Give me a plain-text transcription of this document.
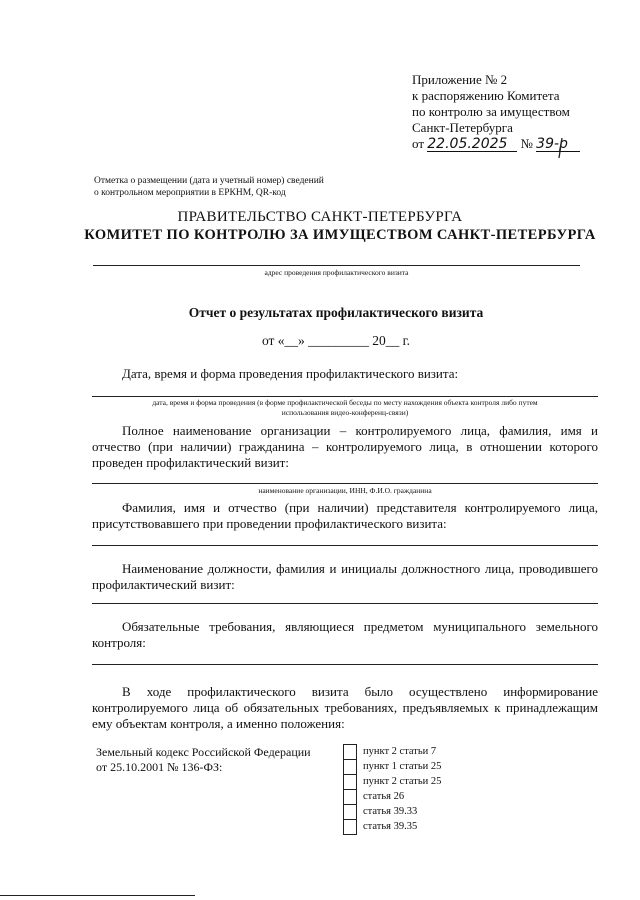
Приложение № 2
к распоряжению Комитета
по контролю за имуществом
Санкт-Петербурга
от 22.05.2025 № 39-р
Отметка о размещении (дата и учетный номер) сведений
о контрольном мероприятии в ЕРКНМ, QR-код
ПРАВИТЕЛЬСТВО САНКТ-ПЕТЕРБУРГА
КОМИТЕТ ПО КОНТРОЛЮ ЗА ИМУЩЕСТВОМ САНКТ-ПЕТЕРБУРГА
адрес проведения профилактического визита
Отчет о результатах профилактического визита
от «__» _________ 20__ г.
Дата, время и форма проведения профилактического визита:
дата, время и форма проведения (в форме профилактической беседы по месту нахождения объекта контроля либо путем
использования видео-конференц-связи)
Полное наименование организации – контролируемого лица, фамилия, имя и отчество (при наличии) гражданина – контролируемого лица, в отношении которого проведен профилактический визит:
наименование организации, ИНН, Ф.И.О. гражданина
Фамилия, имя и отчество (при наличии) представителя контролируемого лица, присутствовавшего при проведении профилактического визита:
Наименование должности, фамилия и инициалы должностного лица, проводившего профилактический визит:
Обязательные требования, являющиеся предметом муниципального земельного контроля:
В ходе профилактического визита было осуществлено информирование контролируемого лица об обязательных требованиях, предъявляемых к принадлежащим ему объектам контроля, а именно положения:
Земельный кодекс Российской Федерации
от 25.10.2001 № 136-ФЗ:
пункт 2 статьи 7
пункт 1 статьи 25
пункт 2 статьи 25
статья 26
статья 39.33
статья 39.35
